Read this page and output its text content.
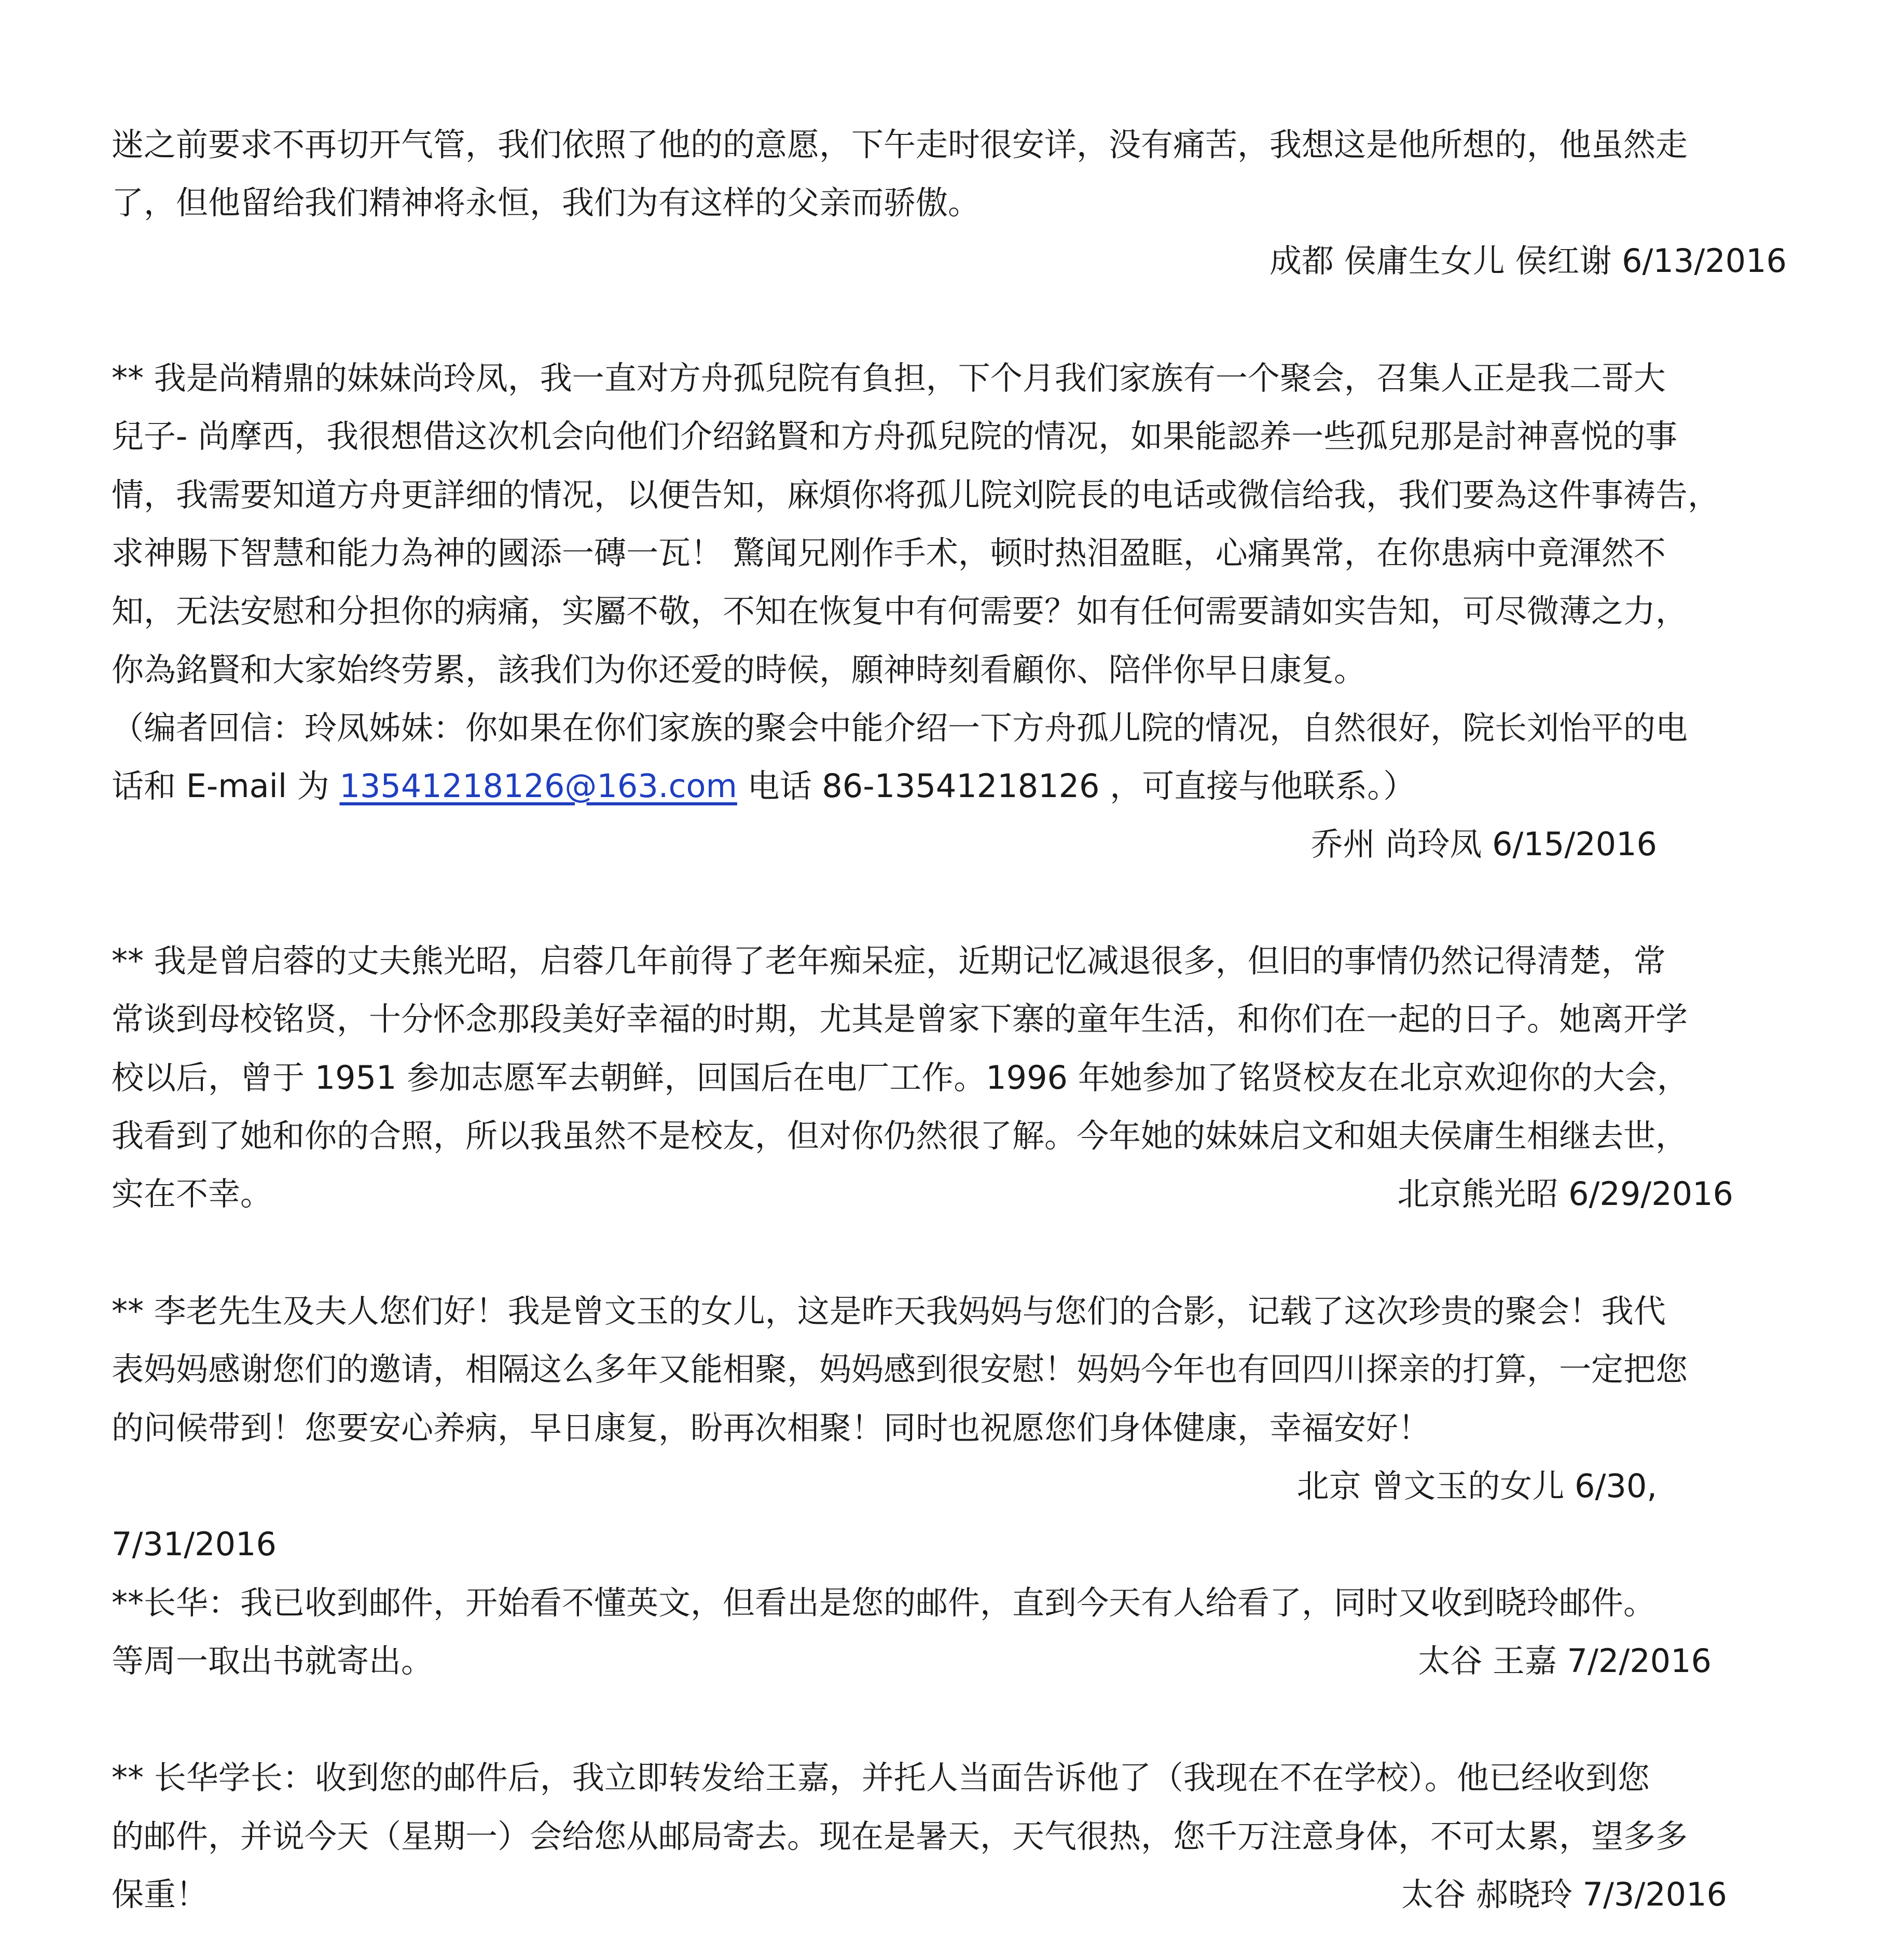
迷之前要求不再切开气管，我们依照了他的的意愿，下午走时很安详，没有痛苦，我想这是他所想的，他虽然走
了，但他留给我们精神将永恒，我们为有这样的父亲而骄傲。
成都 侯庸生女儿 侯红谢 6/13/2016
** 我是尚精鼎的妹妹尚玲凤，我一直对方舟孤兒院有負担，下个月我们家族有一个聚会，召集人正是我二哥大
兒子- 尚摩西，我很想借这次机会向他们介绍銘賢和方舟孤兒院的情况，如果能認养一些孤兒那是討神喜悦的事
情，我需要知道方舟更詳细的情况，以便告知，麻煩你将孤儿院刘院長的电话或微信给我，我们要為这件事祷告，
求神賜下智慧和能力為神的國添一磚一瓦！ 驚闻兄刚作手术，顿时热泪盈眶，心痛異常，在你患病中竟渾然不
知，无法安慰和分担你的病痛，实屬不敬，不知在恢复中有何需要？如有任何需要請如实告知，可尽微薄之力，
你為銘賢和大家始终劳累，該我们为你还爱的時候，願神時刻看顧你、陪伴你早日康复。
（编者回信：玲凤姊妹：你如果在你们家族的聚会中能介绍一下方舟孤儿院的情况，自然很好，院长刘怡平的电
话和 E-mail 为 13541218126@163.com 电话 86-13541218126 ，可直接与他联系。）
乔州 尚玲凤 6/15/2016
** 我是曾启蓉的丈夫熊光昭，启蓉几年前得了老年痴呆症，近期记忆减退很多，但旧的事情仍然记得清楚，常
常谈到母校铭贤，十分怀念那段美好幸福的时期，尤其是曾家下寨的童年生活，和你们在一起的日子。她离开学
校以后，曾于 1951 参加志愿军去朝鲜，回国后在电厂工作。1996 年她参加了铭贤校友在北京欢迎你的大会，
我看到了她和你的合照，所以我虽然不是校友，但对你仍然很了解。今年她的妹妹启文和姐夫侯庸生相继去世，
实在不幸。	北京熊光昭 6/29/2016
** 李老先生及夫人您们好！我是曾文玉的女儿，这是昨天我妈妈与您们的合影，记载了这次珍贵的聚会！我代
表妈妈感谢您们的邀请，相隔这么多年又能相聚，妈妈感到很安慰！妈妈今年也有回四川探亲的打算，一定把您
的问候带到！您要安心养病，早日康复，盼再次相聚！同时也祝愿您们身体健康，幸福安好！
北京 曾文玉的女儿 6/30,
7/31/2016
**长华：我已收到邮件，开始看不懂英文，但看出是您的邮件，直到今天有人给看了，同时又收到晓玲邮件。
等周一取出书就寄出。	太谷 王嘉 7/2/2016
** 长华学长：收到您的邮件后，我立即转发给王嘉，并托人当面告诉他了（我现在不在学校）。他已经收到您
的邮件，并说今天（星期一）会给您从邮局寄去。现在是暑天，天气很热，您千万注意身体，不可太累，望多多
保重！	太谷 郝晓玲 7/3/2016
